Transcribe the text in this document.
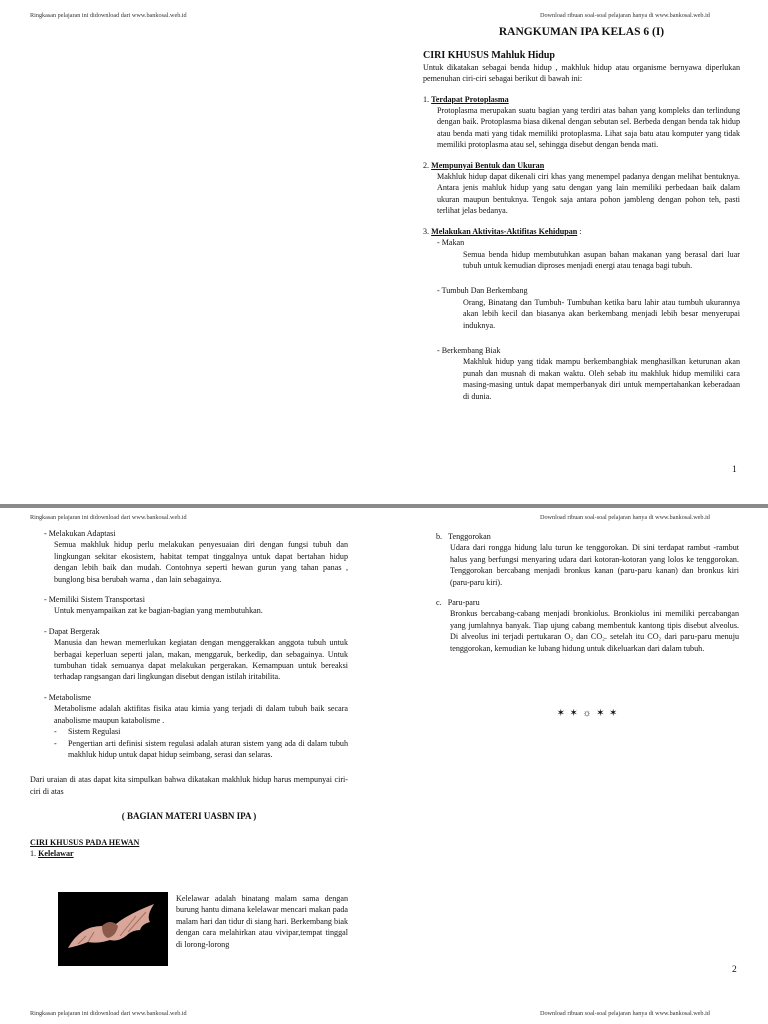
Ringkasan pelajaran ini didownload dari www.bankosal.web.id	Download ribuan soal-soal pelajaran hanya di www.bankosal.web.id

RANGKUMAN IPA KELAS 6 (I)

CIRI KHUSUS Mahluk Hidup

Untuk dikatakan sebagai benda hidup , makhluk hidup atau organisme bernyawa diperlukan pemenuhan ciri-ciri sebagai berikut di bawah ini:

1. Terdapat Protoplasma

Protoplasma merupakan suatu bagian yang terdiri atas bahan yang kompleks dan terlindung dengan baik. Protoplasma biasa dikenal dengan sebutan sel. Berbeda dengan benda tak hidup atau benda mati yang tidak memiliki protoplasma. Lihat saja batu atau komputer yang tidak memiliki protoplasma atau sel, sehingga disebut dengan benda mati.

2. Mempunyai Bentuk dan Ukuran

Makhluk hidup dapat dikenali ciri khas yang menempel padanya dengan melihat bentuknya. Antara jenis mahluk hidup yang satu dengan yang lain memiliki perbedaan baik dalam ukuran maupun bentuknya. Tengok saja antara pohon jambleng dengan pohon teh, pasti terlihat jelas bedanya.

3. Melakukan Aktivitas-Aktifitas Kehidupan :

- Makan

Semua benda hidup membutuhkan asupan bahan makanan yang berasal dari luar tubuh untuk kemudian diproses menjadi energi atau tenaga bagi tubuh.

- Tumbuh Dan Berkembang

Orang, Binatang dan Tumbuh- Tumbuhan ketika baru lahir atau tumbuh ukurannya akan lebih kecil dan biasanya akan berkembang menjadi lebih besar menyerupai induknya.

- Berkembang Biak

Makhluk hidup yang tidak mampu berkembangbiak menghasilkan keturunan akan punah dan musnah di makan waktu. Oleh sebab itu makhluk hidup memiliki cara masing-masing untuk dapat memperbanyak diri untuk mempertahankan keberadaan di dunia.

1
Ringkasan pelajaran ini didownload dari www.bankosal.web.id	Download ribuan soal-soal pelajaran hanya di www.bankosal.web.id

- Melakukan Adaptasi

Semua makhluk hidup perlu melakukan penyesuaian diri dengan fungsi tubuh dan lingkungan sekitar ekosistem, habitat tempat tinggalnya untuk dapat bertahan hidup dengan lebih baik dan mudah. Contohnya seperti hewan gurun yang tahan panas , bunglong bisa berubah warna , dan lain sebagainya.

- Memiliki Sistem Transportasi

Untuk menyampaikan zat ke bagian-bagian yang membutuhkan.

- Dapat Bergerak

Manusia dan hewan memerlukan kegiatan dengan menggerakkan anggota tubuh untuk berbagai keperluan seperti jalan, makan, menggaruk, berkedip, dan sebagainya. Untuk tumbuhan tidak semuanya dapat melakukan pergerakan. Kemampuan untuk bereaksi terhadap rangsangan dari lingkungan disebut dengan istilah iritabilita.

- Metabolisme

Metabolisme adalah aktifitas fisika atau kimia yang terjadi di dalam tubuh baik secara anabolisme maupun katabolisme .

-	Sistem Regulasi
-	Pengertian arti definisi sistem regulasi adalah aturan sistem yang ada di dalam tubuh makhluk hidup untuk dapat hidup seimbang, serasi dan selaras.

Dari uraian di atas dapat kita simpulkan bahwa dikatakan makhluk hidup harus mempunyai ciri-ciri di atas

( BAGIAN MATERI UASBN IPA )

CIRI KHUSUS PADA HEWAN

1. Kelelawar

Kelelawar adalah binatang malam sama dengan burung hantu dimana kelelawar mencari makan pada malam hari dan tidur di siang hari. Berkembang biak dengan cara melahirkan atau vivipar,tempat tinggal di lorong-lorong

b. Tenggorokan

Udara dari rongga hidung lalu turun ke tenggorokan. Di sini terdapat rambut -rambut halus yang berfungsi menyaring udara dari kotoran-kotoran yang lolos ke tenggorokan. Tenggorokan bercabang menjadi bronkus kanan (paru-paru kanan) dan bronkus kiri (paru-paru kiri).

c. Paru-paru

Bronkus bercabang-cabang menjadi bronkiolus. Bronkiolus ini memiliki percabangan yang jumlahnya banyak. Tiap ujung cabang membentuk kantong tipis disebut alveolus. Di alveolus ini terjadi pertukaran O₂ dan CO₂. setelah itu CO₂ dari paru-paru menuju tenggorokan, kemudian ke lubang hidung untuk dikeluarkan dari dalam tubuh.

✶ ✶ ☼ ✶ ✶
2
Ringkasan pelajaran ini didownload dari www.bankosal.web.id	Download ribuan soal-soal pelajaran hanya di www.bankosal.web.id
